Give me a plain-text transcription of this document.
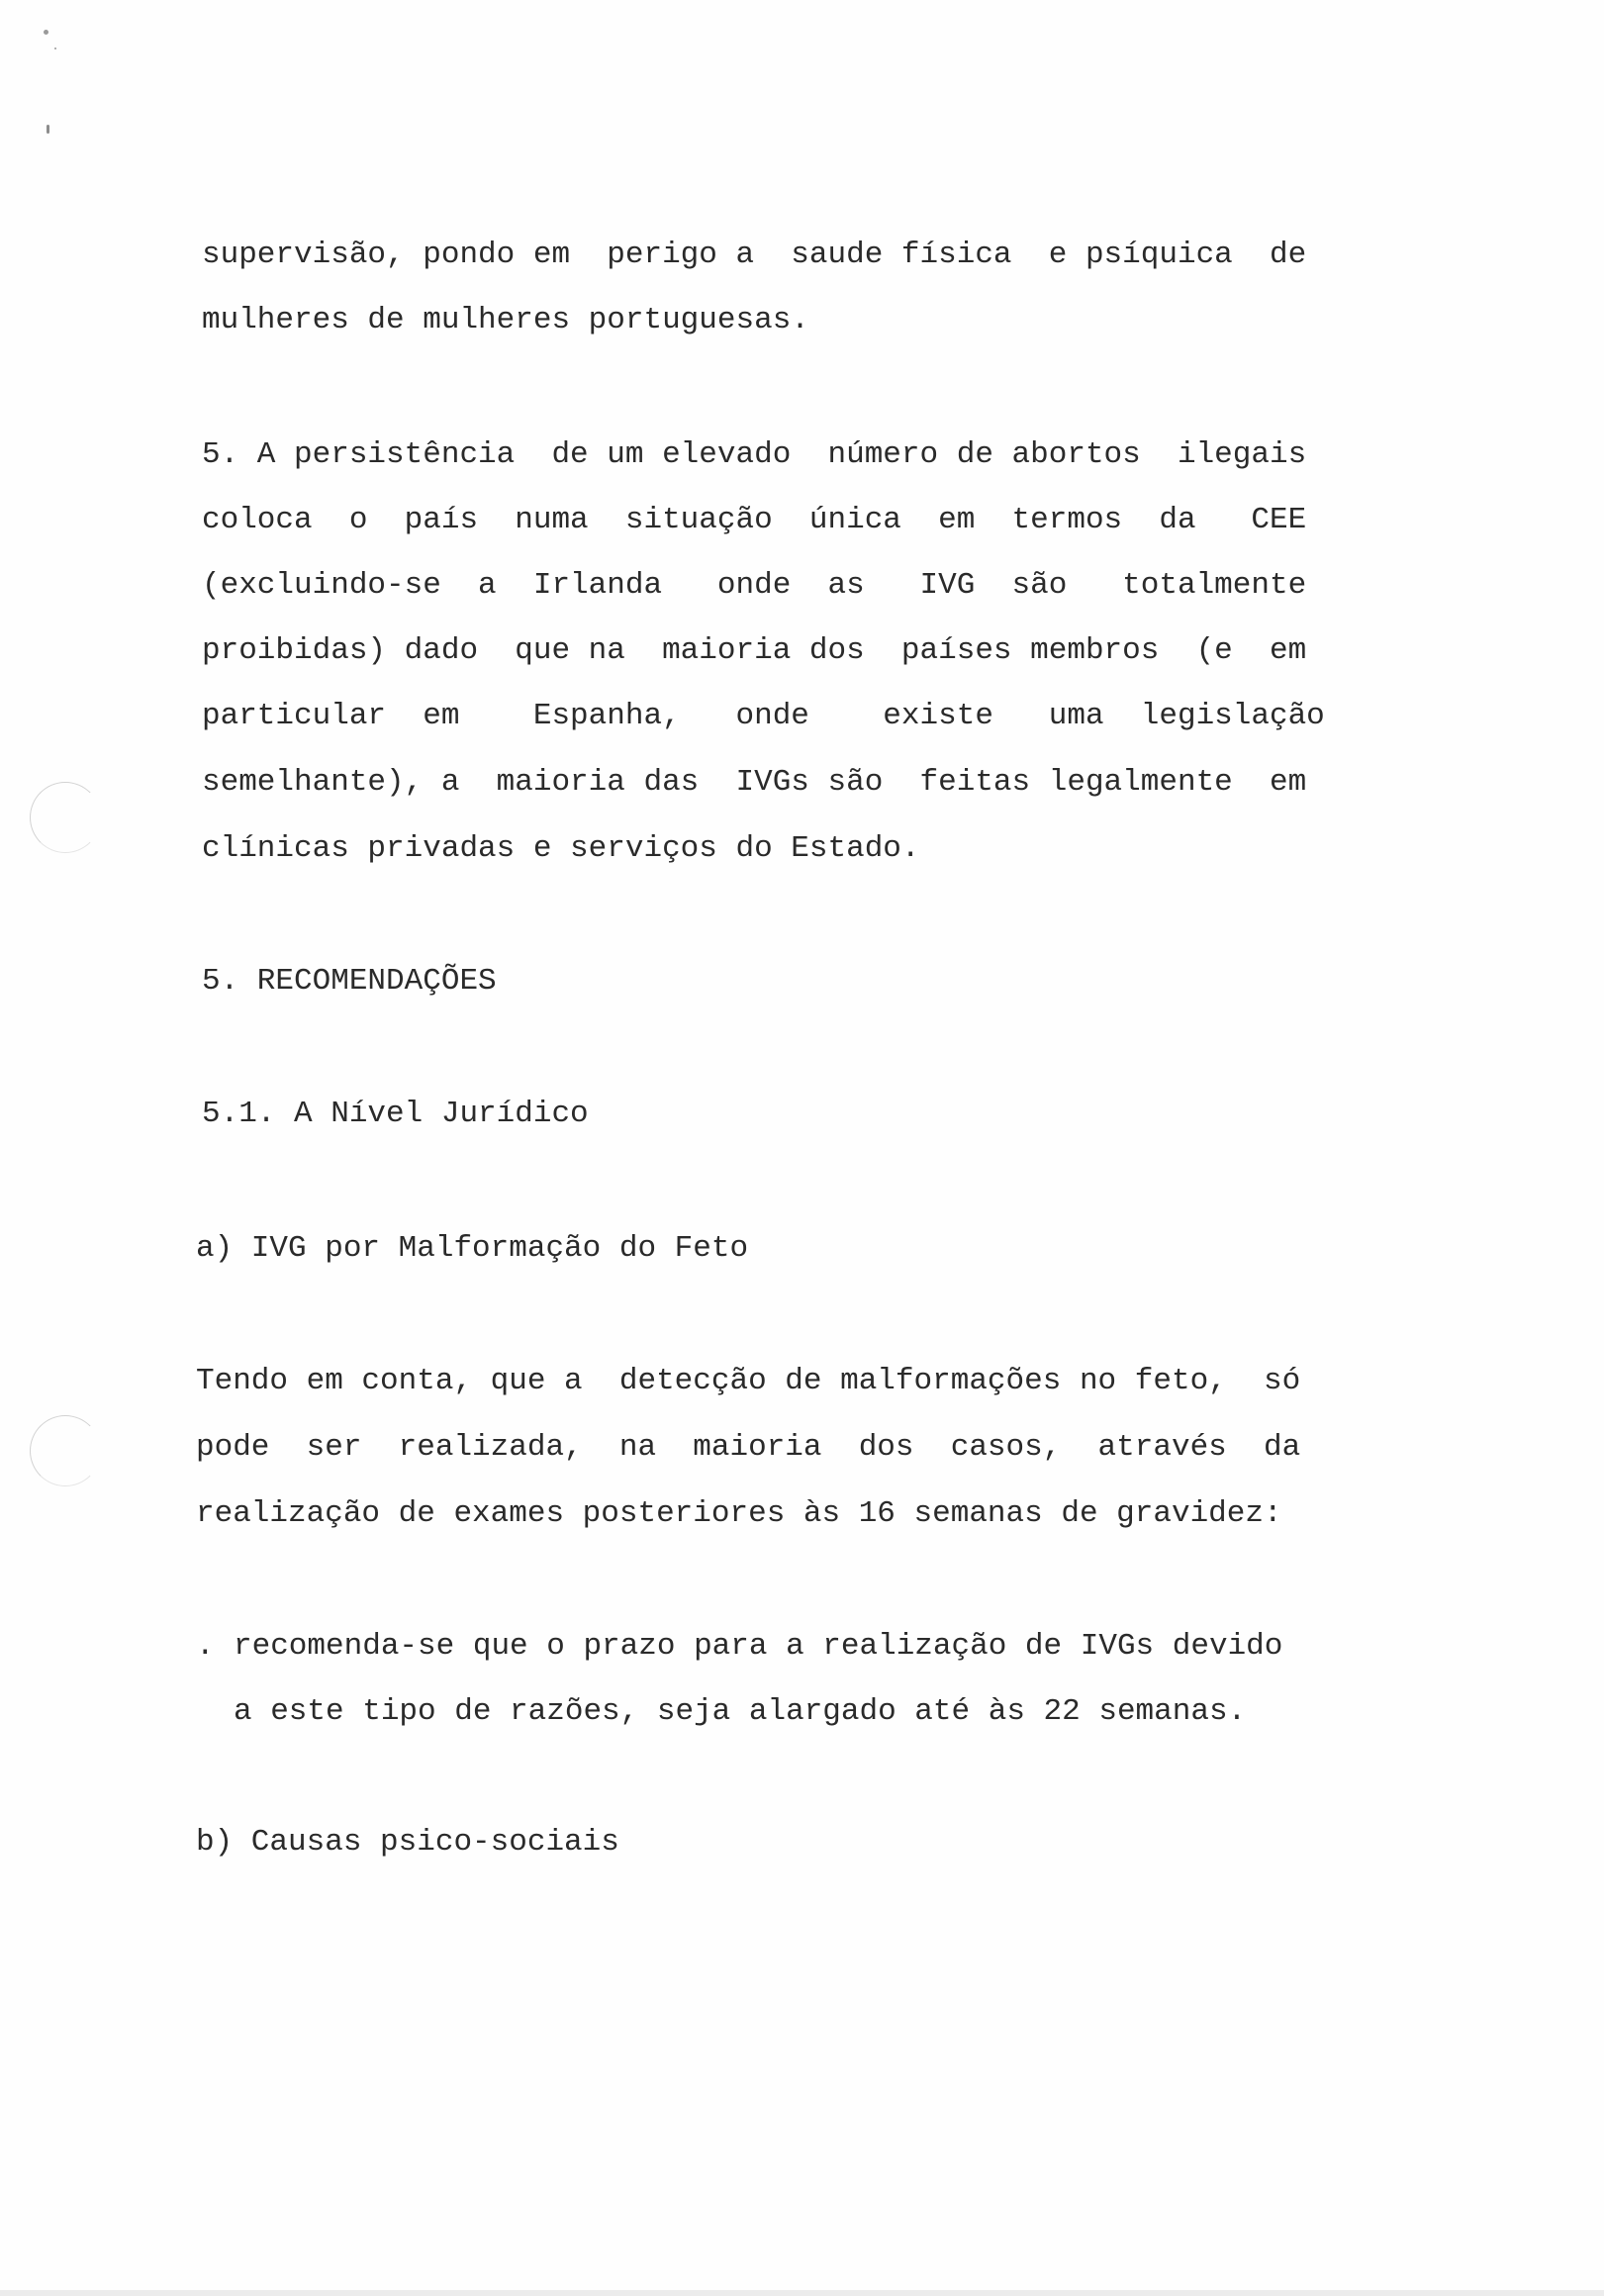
supervisão, pondo em  perigo a  saude física  e psíquica  de
mulheres de mulheres portuguesas.
5. A persistência  de um elevado  número de abortos  ilegais
coloca  o  país  numa  situação  única  em  termos  da   CEE
(excluindo-se  a  Irlanda   onde  as   IVG  são   totalmente
proibidas) dado  que na  maioria dos  países membros  (e  em
particular  em    Espanha,   onde    existe   uma  legislação
semelhante), a  maioria das  IVGs são  feitas legalmente  em
clínicas privadas e serviços do Estado.
5. RECOMENDAÇÕES
5.1. A Nível Jurídico
a) IVG por Malformação do Feto
Tendo em conta, que a  detecção de malformações no feto,  só
pode  ser  realizada,  na  maioria  dos  casos,  através  da
realização de exames posteriores às 16 semanas de gravidez:
. recomenda-se que o prazo para a realização de IVGs devido
a este tipo de razões, seja alargado até às 22 semanas.
b) Causas psico-sociais
